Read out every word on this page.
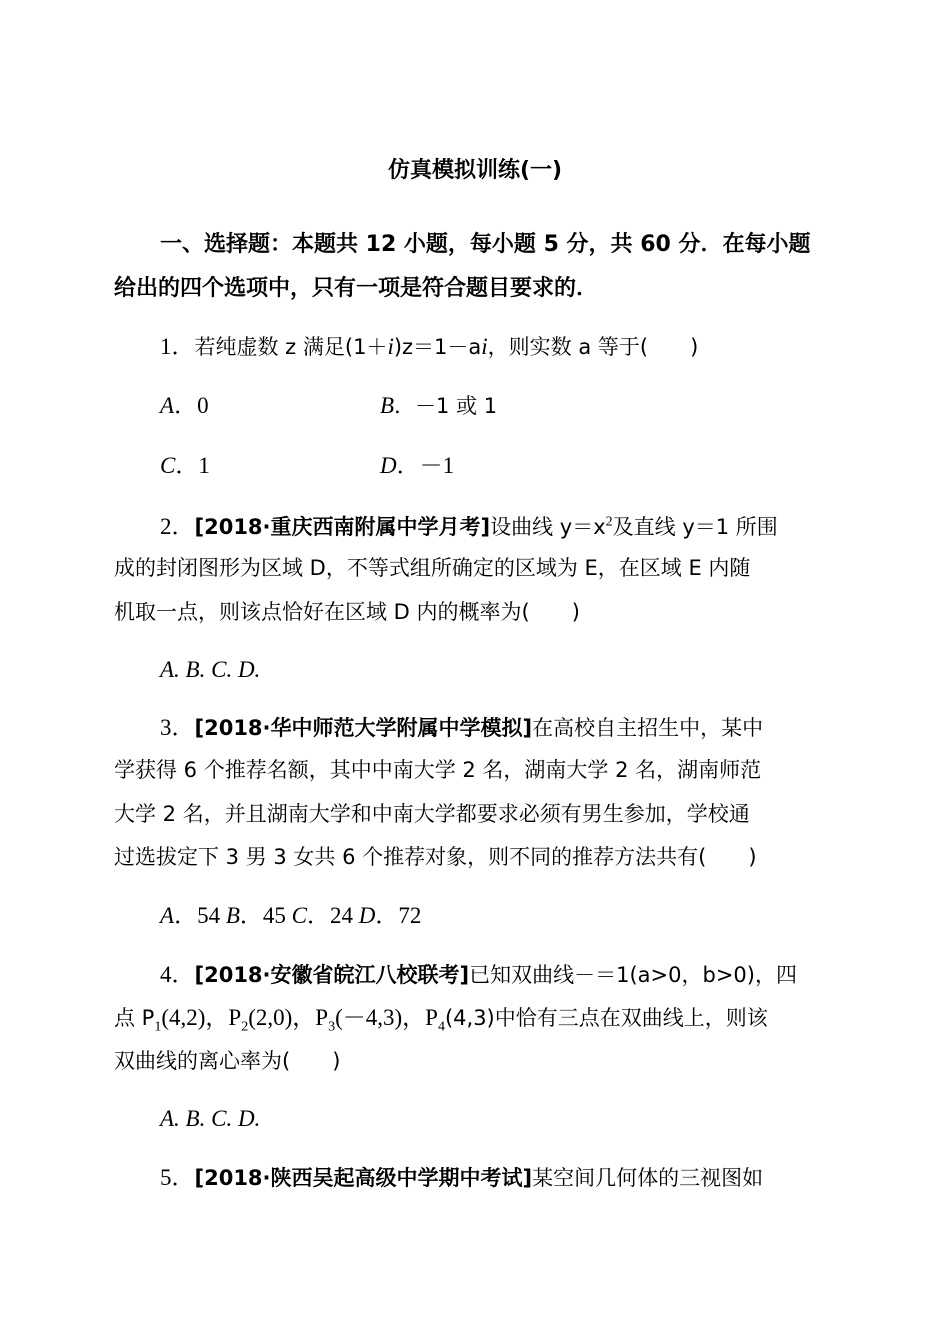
仿真模拟训练(一)
一、选择题：本题共 12 小题，每小题 5 分，共 60 分．在每小题
给出的四个选项中，只有一项是符合题目要求的．
1．若纯虚数 z 满足(1＋i)z＝1－ai，则实数 a 等于(　　)
A．0	B．－1 或 1
C．1	D．－1
2．[2018·重庆西南附属中学月考]设曲线 $y=x^2$及直线 y＝1 所围
成的封闭图形为区域 D，不等式组所确定的区域为 E，在区域 E 内随
机取一点，则该点恰好在区域 D 内的概率为(　　)
A. B. C. D.
3．[2018·华中师范大学附属中学模拟]在高校自主招生中，某中
学获得 6 个推荐名额，其中中南大学 2 名，湖南大学 2 名，湖南师范
大学 2 名，并且湖南大学和中南大学都要求必须有男生参加，学校通
过选拔定下 3 男 3 女共 6 个推荐对象，则不同的推荐方法共有(　　)
A．54 B．45 C．24 D．72
4．[2018·安徽省皖江八校联考]已知双曲线－＝1(a>0，b>0)，四
点 $P_1(4,2)$，$P_2(2,0)$，$P_3(-4,3)$，$P_4(4,3)$中恰有三点在双曲线上，则该
双曲线的离心率为(　　)
A. B. C. D.
5．[2018·陕西吴起高级中学期中考试]某空间几何体的三视图如
